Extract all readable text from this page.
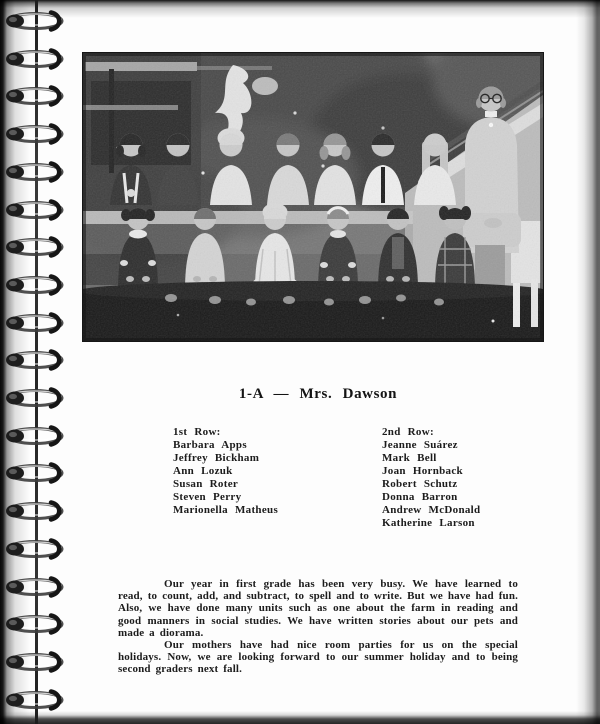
1-A — Mrs. Dawson
1st Row:
Barbara Apps
Jeffrey Bickham
Ann Lozuk
Susan Roter
Steven Perry
Marionella Matheus
2nd Row:
Jeanne Suárez
Mark Bell
Joan Hornback
Robert Schutz
Donna Barron
Andrew McDonald
Katherine Larson

Our year in first grade has been very busy. We have learned to read, to count, add, and subtract, to spell and to write. But we have had fun. Also, we have done many units such as one about the farm in reading and good manners in social studies. We have written stories about our pets and made a diorama.

Our mothers have had nice room parties for us on the special holidays. Now, we are looking forward to our summer holiday and to being second graders next fall.
